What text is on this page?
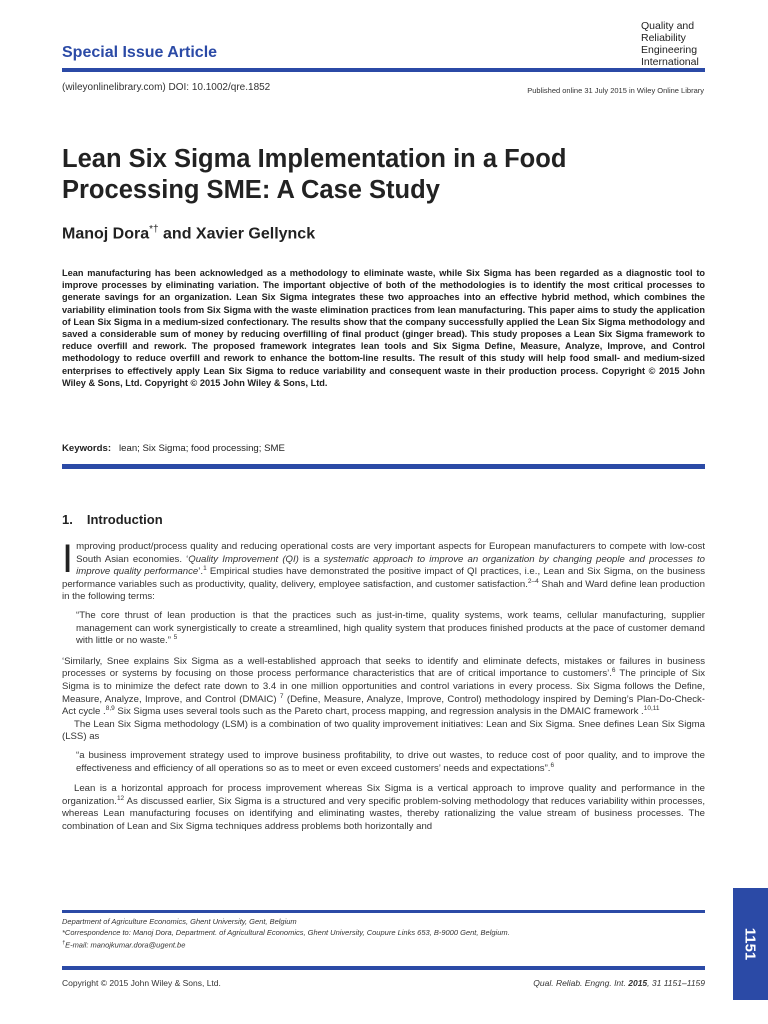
Special Issue Article
Quality and
Reliability
Engineering
International
(wileyonlinelibrary.com) DOI: 10.1002/qre.1852	Published online 31 July 2015 in Wiley Online Library
Lean Six Sigma Implementation in a Food Processing SME: A Case Study
Manoj Dora*† and Xavier Gellynck
Lean manufacturing has been acknowledged as a methodology to eliminate waste, while Six Sigma has been regarded as a diagnostic tool to improve processes by eliminating variation. The important objective of both of the methodologies is to identify the most critical processes to generate savings for an organization. Lean Six Sigma integrates these two approaches into an effective hybrid method, which combines the variability elimination tools from Six Sigma with the waste elimination practices from lean manufacturing. This paper aims to study the application of Lean Six Sigma in a medium-sized confectionary. The results show that the company successfully applied the Lean Six Sigma methodology and saved a considerable sum of money by reducing overfilling of final product (ginger bread). This study proposes a Lean Six Sigma framework to reduce overfill and rework. The proposed framework integrates lean tools and Six Sigma Define, Measure, Analyze, Improve, and Control methodology to reduce overfill and rework to enhance the bottom-line results. The result of this study will help food small- and medium-sized enterprises to effectively apply Lean Six Sigma to reduce variability and consequent waste in their production process. Copyright © 2015 John Wiley & Sons, Ltd. Copyright © 2015 John Wiley & Sons, Ltd.
Keywords: lean; Six Sigma; food processing; SME
1. Introduction

Improving product/process quality and reducing operational costs are very important aspects for European manufacturers to compete with low-cost South Asian economies. ‘Quality Improvement (QI) is a systematic approach to improve an organization by changing people and processes to improve quality performance’.$^1$ Empirical studies have demonstrated the positive impact of QI practices, i.e., Lean and Six Sigma, on the business performance variables such as productivity, quality, delivery, employee satisfaction, and customer satisfaction.$^{2-4}$ Shah and Ward define lean production in the following terms:

“The core thrust of lean production is that the practices such as just-in-time, quality systems, work teams, cellular manufacturing, supplier management can work synergistically to create a streamlined, high quality system that produces finished products at the pace of customer demand with little or no waste.” $^5$

‘Similarly, Snee explains Six Sigma as a well-established approach that seeks to identify and eliminate defects, mistakes or failures in business processes or systems by focusing on those process performance characteristics that are of critical importance to customers’.$^6$ The principle of Six Sigma is to minimize the defect rate down to 3.4 in one million opportunities and control variations in every process. Six Sigma follows the Define, Measure, Analyze, Improve, and Control (DMAIC) $^7$ (Define, Measure, Analyze, Improve, Control) methodology inspired by Deming’s Plan-Do-Check-Act cycle .$^{8,9}$ Six Sigma uses several tools such as the Pareto chart, process mapping, and regression analysis in the DMAIC framework .$^{10,11}$

The Lean Six Sigma methodology (LSM) is a combination of two quality improvement initiatives: Lean and Six Sigma. Snee defines Lean Six Sigma (LSS) as

“a business improvement strategy used to improve business profitability, to drive out wastes, to reduce cost of poor quality, and to improve the effectiveness and efficiency of all operations so as to meet or even exceed customers’ needs and expectations”.$^6$

Lean is a horizontal approach for process improvement whereas Six Sigma is a vertical approach to improve quality and performance in the organization.$^{12}$ As discussed earlier, Six Sigma is a structured and very specific problem-solving methodology that reduces variability within processes, whereas Lean manufacturing focuses on identifying and eliminating wastes, thereby rationalizing the value stream of business processes. The combination of Lean and Six Sigma techniques address problems both horizontally and

Department of Agriculture Economics, Ghent University, Gent, Belgium
*Correspondence to: Manoj Dora, Department. of Agricultural Economics, Ghent University, Coupure Links 653, B-9000 Gent, Belgium.
†E-mail: manojkumar.dora@ugent.be
Copyright © 2015 John Wiley & Sons, Ltd.	Qual. Reliab. Engng. Int. 2015, 31 1151–1159
1151
